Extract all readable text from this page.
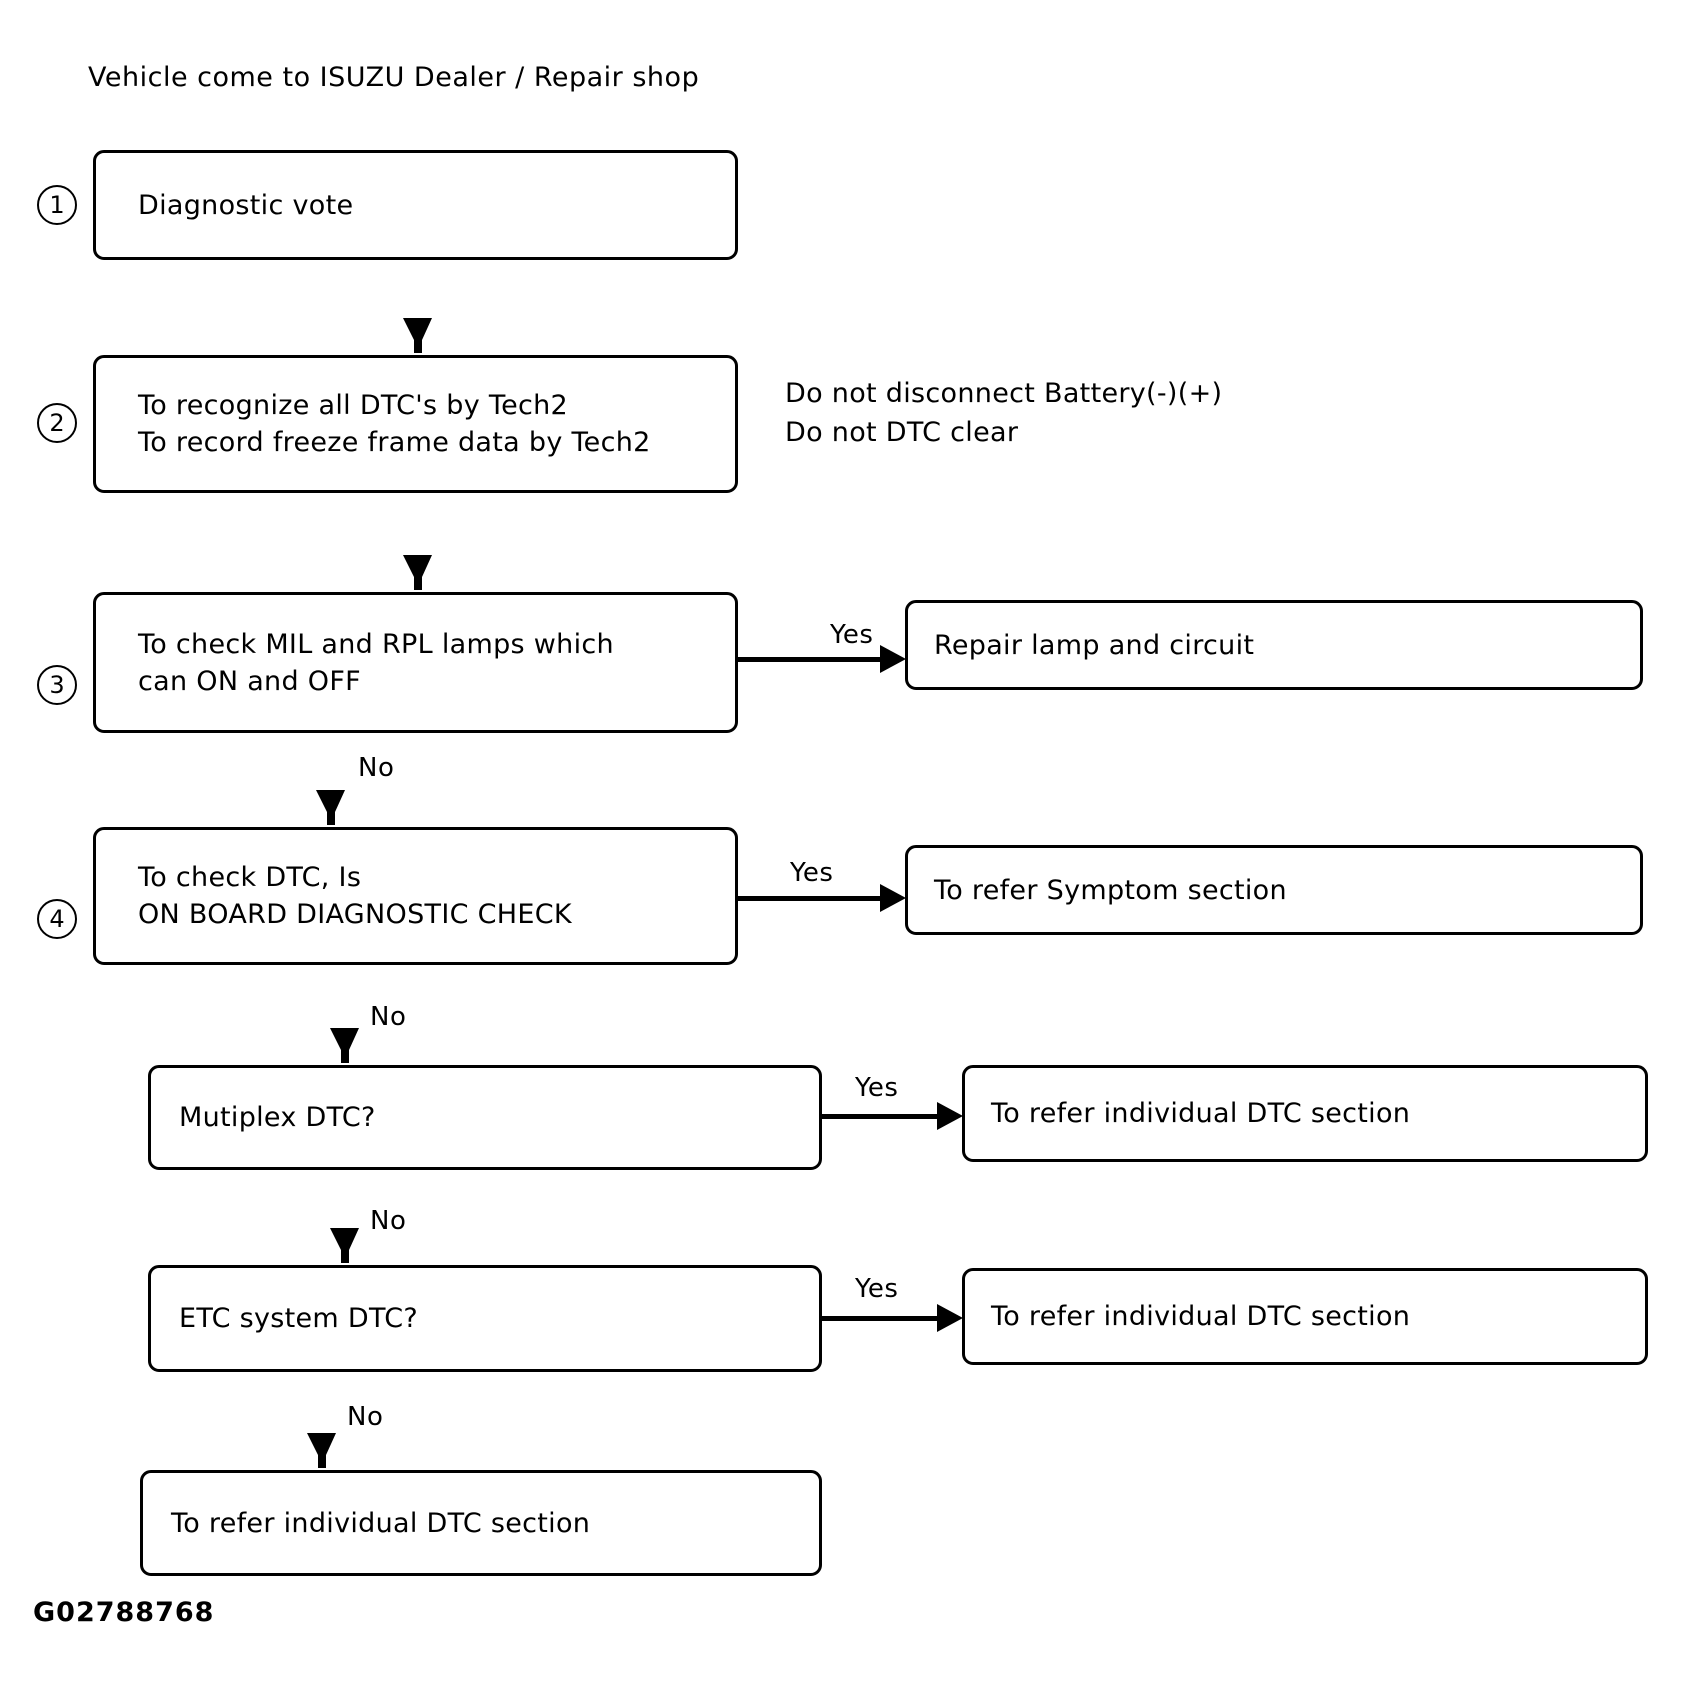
Vehicle come to ISUZU Dealer / Repair shop
1
2
3
4
Diagnostic vote
To recognize all DTC's by Tech2
To record freeze frame data by Tech2
Do not disconnect Battery(-)(+)
Do not DTC clear
To check MIL and RPL lamps which
can ON and OFF
Yes Repair lamp and circuit
No
To check DTC, Is
ON BOARD DIAGNOSTIC CHECK
Yes
To refer Symptom section
No
Mutiplex DTC?
Yes
To refer individual DTC section
No
ETC system DTC?
Yes
To refer individual DTC section
No
To refer individual DTC section
G02788768
